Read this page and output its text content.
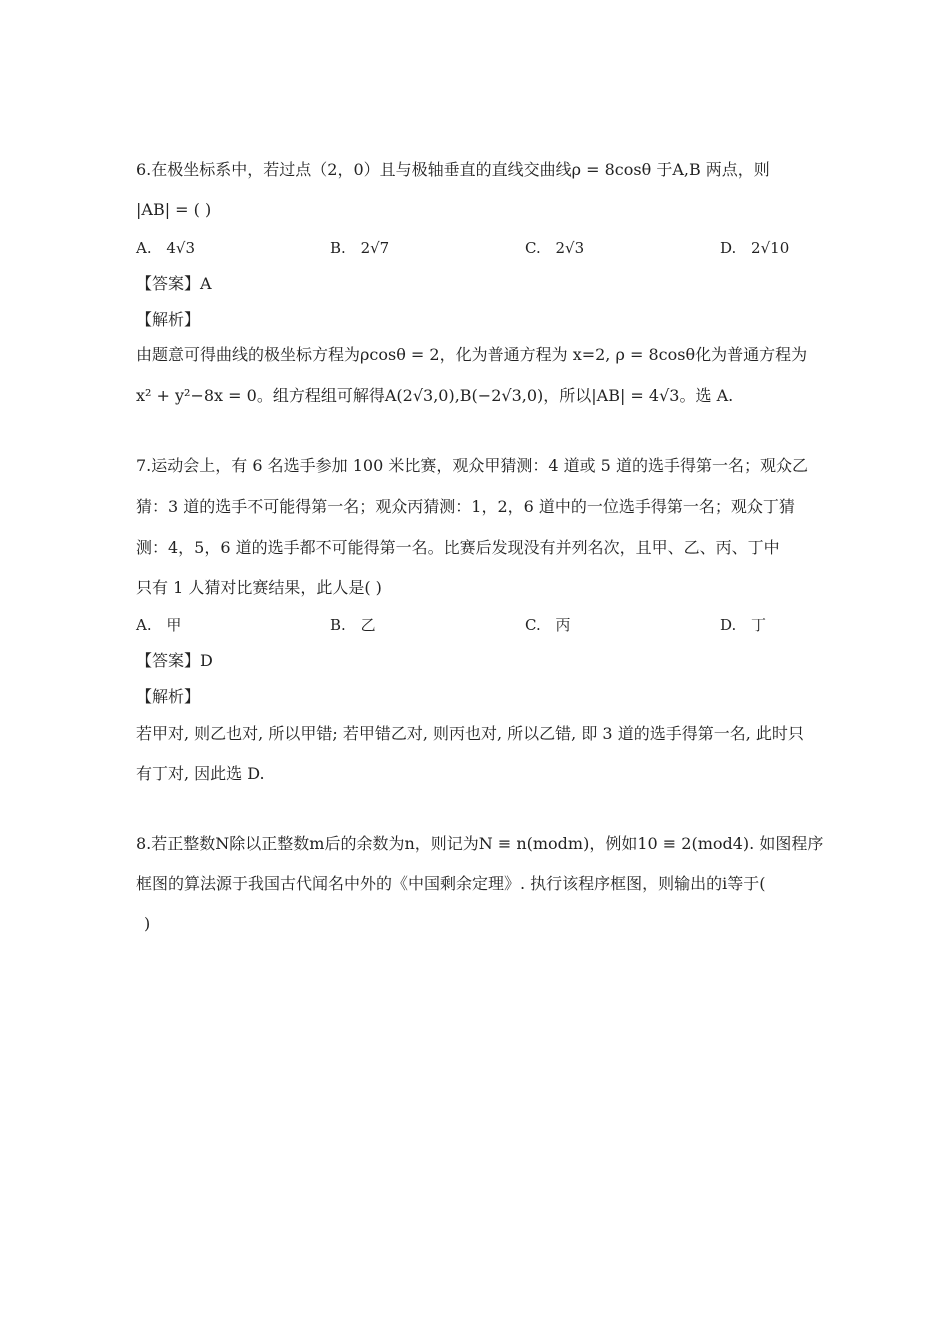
6.在极坐标系中，若过点（2，0）且与极轴垂直的直线交曲线ρ = 8cosθ 于A,B 两点，则
|AB| = ( )
A. 4√3	B. 2√7	C. 2√3	D. 2√10
【答案】A
【解析】
由题意可得曲线的极坐标方程为ρcosθ = 2，化为普通方程为 x=2, ρ = 8cosθ化为普通方程为
x² + y²−8x = 0。组方程组可解得A(2√3,0),B(−2√3,0)，所以|AB| = 4√3。选 A.
7.运动会上，有 6 名选手参加 100 米比赛，观众甲猜测：4 道或 5 道的选手得第一名；观众乙
猜：3 道的选手不可能得第一名；观众丙猜测：1，2，6 道中的一位选手得第一名；观众丁猜
测：4，5，6 道的选手都不可能得第一名。比赛后发现没有并列名次，且甲、乙、丙、丁中
只有 1 人猜对比赛结果，此人是( )
A. 甲	B. 乙	C. 丙	D. 丁
【答案】D
【解析】
若甲对, 则乙也对, 所以甲错; 若甲错乙对, 则丙也对, 所以乙错, 即 3 道的选手得第一名, 此时只
有丁对, 因此选 D.
8.若正整数N除以正整数m后的余数为n，则记为N ≡ n(modm)，例如10 ≡ 2(mod4). 如图程序
框图的算法源于我国古代闻名中外的《中国剩余定理》. 执行该程序框图，则输出的i等于(
)
